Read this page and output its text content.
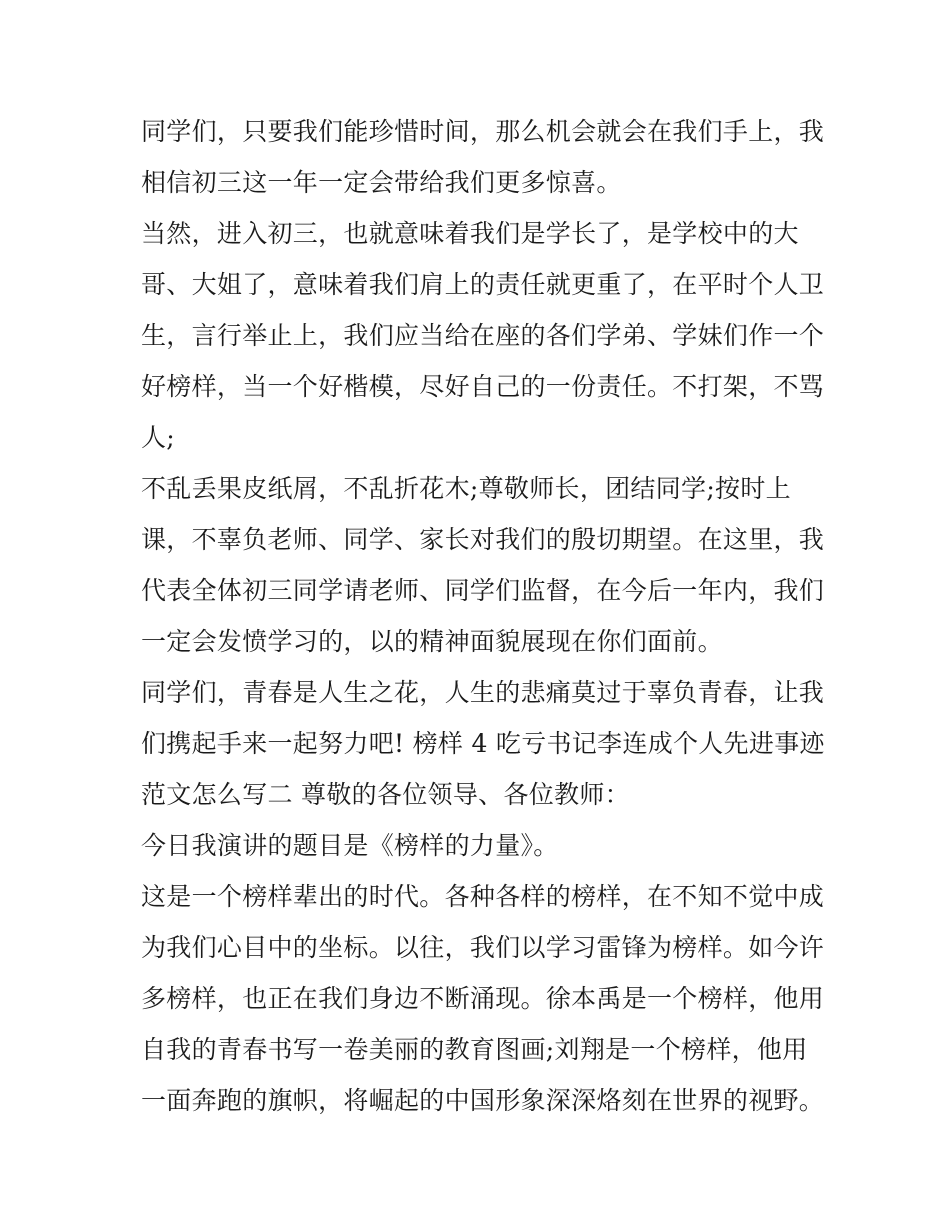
同学们，只要我们能珍惜时间，那么机会就会在我们手上，我
相信初三这一年一定会带给我们更多惊喜。
当然，进入初三，也就意味着我们是学长了，是学校中的大
哥、大姐了，意味着我们肩上的责任就更重了，在平时个人卫
生，言行举止上，我们应当给在座的各们学弟、学妹们作一个
好榜样，当一个好楷模，尽好自己的一份责任。不打架，不骂
人;
不乱丢果皮纸屑，不乱折花木;尊敬师长，团结同学;按时上
课，不辜负老师、同学、家长对我们的殷切期望。在这里，我
代表全体初三同学请老师、同学们监督，在今后一年内，我们
一定会发愤学习的，以的精神面貌展现在你们面前。
同学们，青春是人生之花，人生的悲痛莫过于辜负青春，让我
们携起手来一起努力吧! 榜样 4 吃亏书记李连成个人先进事迹
范文怎么写二 尊敬的各位领导、各位教师：
今日我演讲的题目是《榜样的力量》。
这是一个榜样辈出的时代。各种各样的榜样，在不知不觉中成
为我们心目中的坐标。以往，我们以学习雷锋为榜样。如今许
多榜样，也正在我们身边不断涌现。徐本禹是一个榜样，他用
自我的青春书写一卷美丽的教育图画;刘翔是一个榜样，他用
一面奔跑的旗帜，将崛起的中国形象深深烙刻在世界的视野。
